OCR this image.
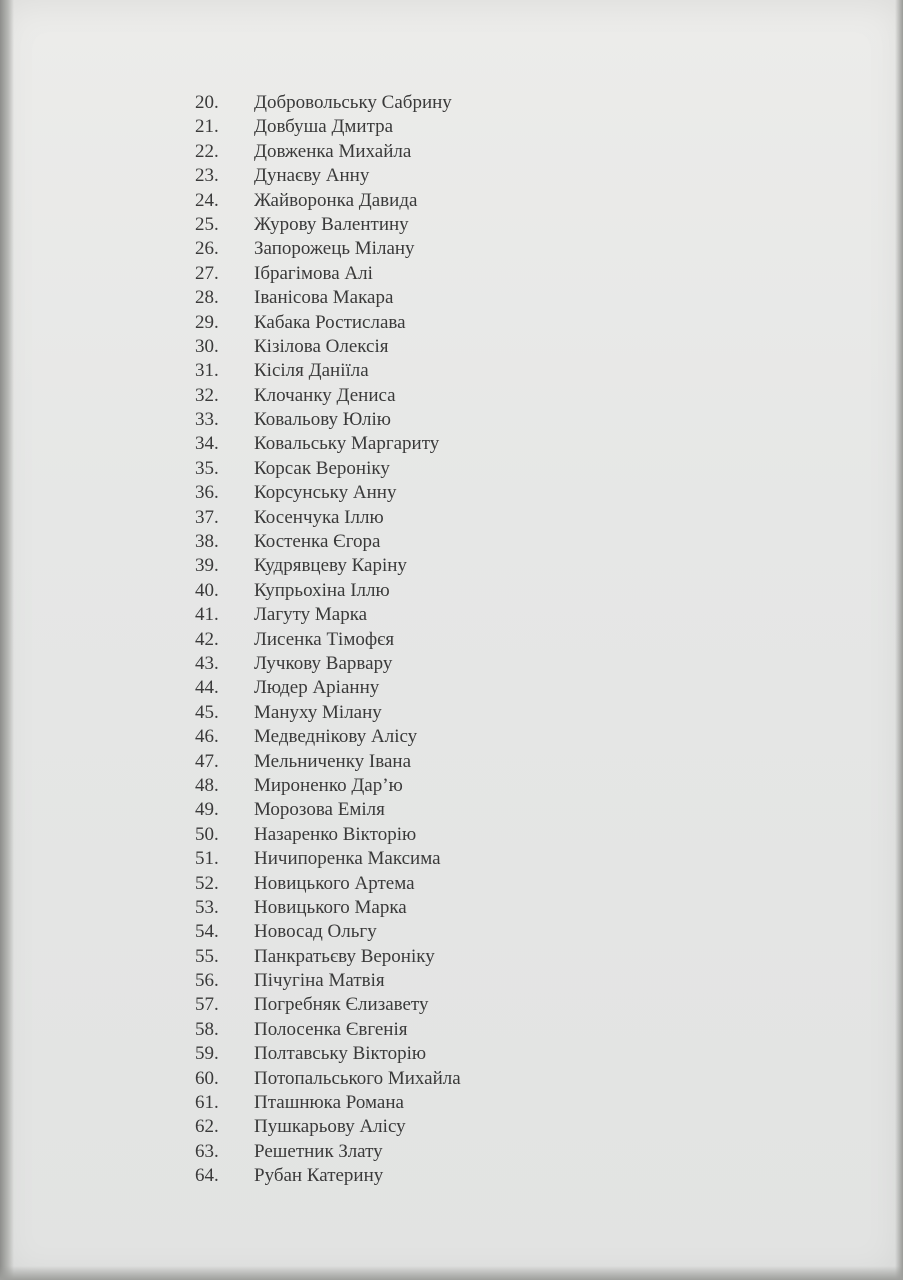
20.	Добровольську Сабрину
21.	Довбуша Дмитра
22.	Довженка Михайла
23.	Дунаєву Анну
24.	Жайворонка Давида
25.	Журову Валентину
26.	Запорожець Мілану
27.	Ібрагімова Алі
28.	Іванісова Макара
29.	Кабака Ростислава
30.	Кізілова Олексія
31.	Кісіля Даніїла
32.	Клочанку Дениса
33.	Ковальову Юлію
34.	Ковальську Маргариту
35.	Корсак Вероніку
36.	Корсунську Анну
37.	Косенчука Іллю
38.	Костенка Єгора
39.	Кудрявцеву Каріну
40.	Купрьохіна Іллю
41.	Лагуту Марка
42.	Лисенка Тімофєя
43.	Лучкову Варвару
44.	Людер Аріанну
45.	Мануху Мілану
46.	Медведнікову Алісу
47.	Мельниченку Івана
48.	Мироненко Дар’ю
49.	Морозова Еміля
50.	Назаренко Вікторію
51.	Ничипоренка Максима
52.	Новицького Артема
53.	Новицького Марка
54.	Новосад Ольгу
55.	Панкратьєву Вероніку
56.	Пічугіна Матвія
57.	Погребняк Єлизавету
58.	Полосенка Євгенія
59.	Полтавську Вікторію
60.	Потопальського Михайла
61.	Пташнюка Романа
62.	Пушкарьову Алісу
63.	Решетник Злату
64.	Рубан Катерину
